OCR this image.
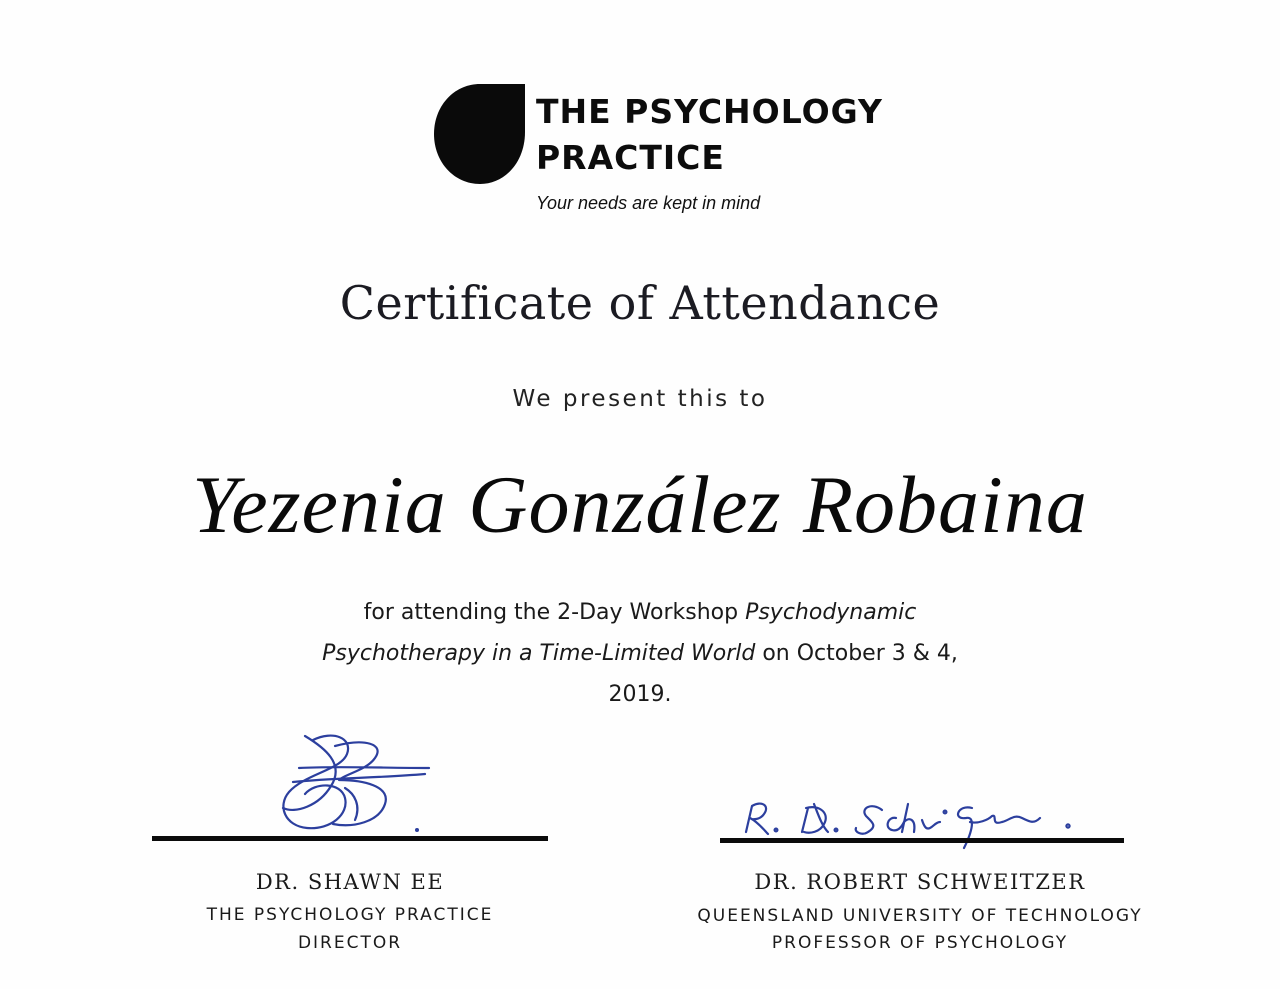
THE PSYCHOLOGY
PRACTICE
Your needs are kept in mind
Certificate of Attendance
We present this to
Yezenia González Robaina
for attending the 2-Day Workshop Psychodynamic Psychotherapy in a Time-Limited World on October 3 & 4, 2019.
DR. SHAWN EE
THE PSYCHOLOGY PRACTICE
DIRECTOR
DR. ROBERT SCHWEITZER
QUEENSLAND UNIVERSITY OF TECHNOLOGY
PROFESSOR OF PSYCHOLOGY
